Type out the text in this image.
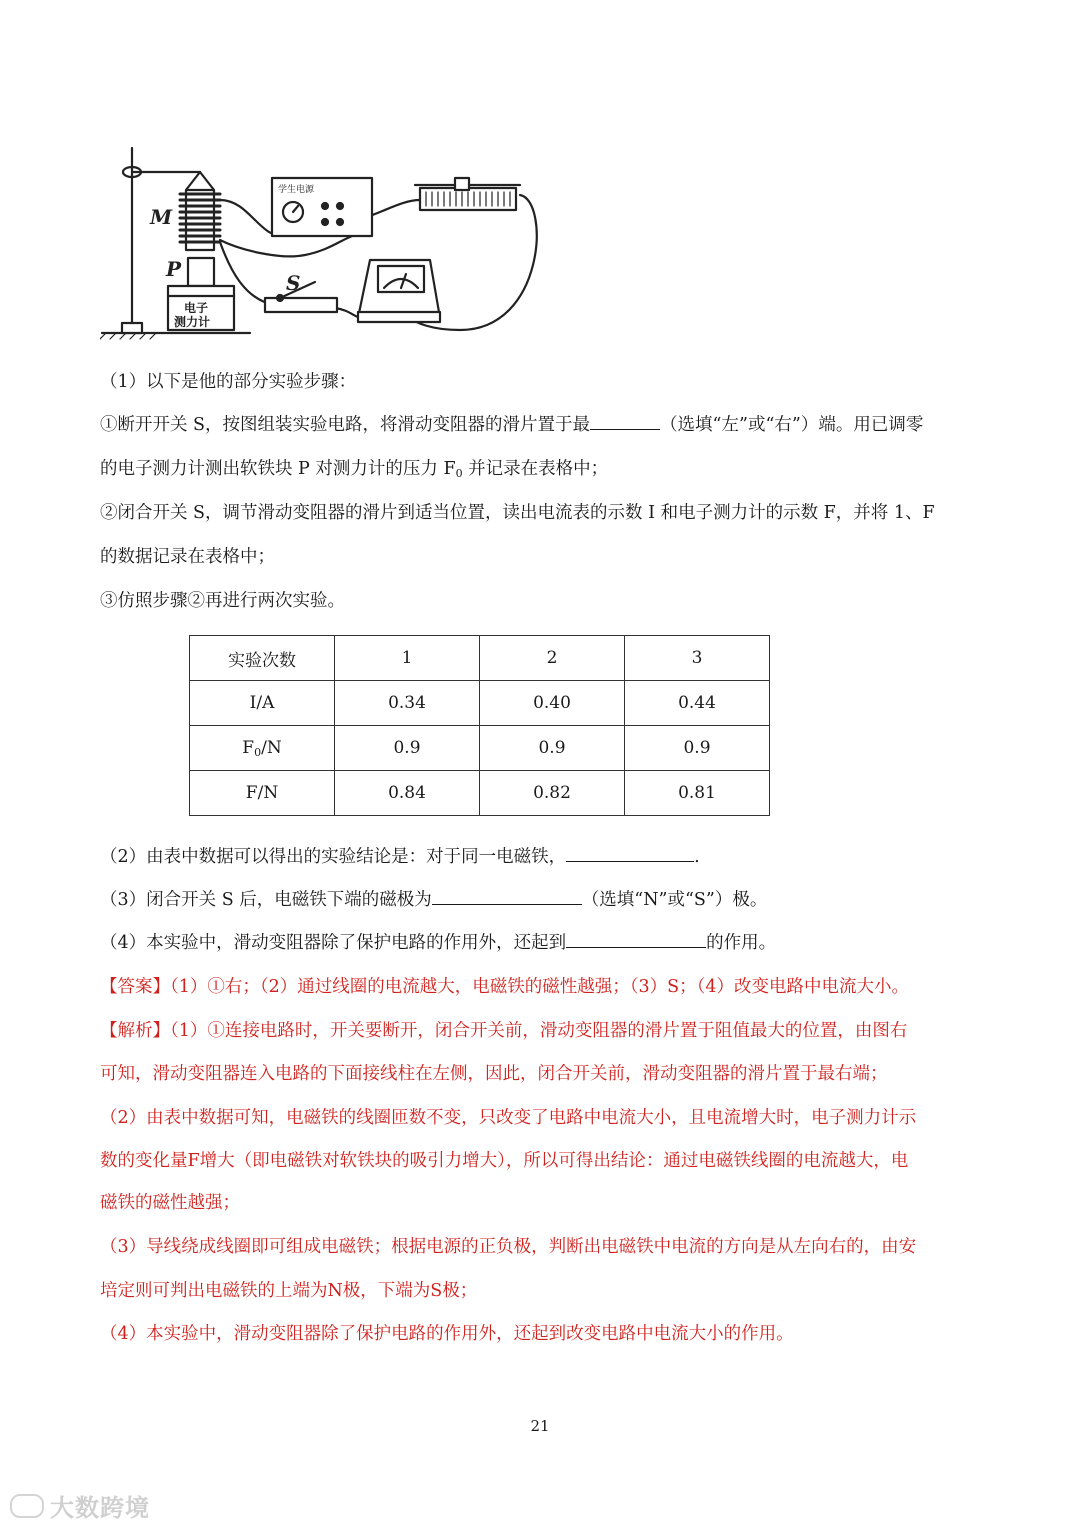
M
P
S
学生电源
电子
测力计
（1）以下是他的部分实验步骤：
①断开开关 S，按图组装实验电路，将滑动变阻器的滑片置于最	（选填“左”或“右”）端。用已调零
的电子测力计测出软铁块 P 对测力计的压力 $F_0$ 并记录在表格中；
②闭合开关 S，调节滑动变阻器的滑片到适当位置，读出电流表的示数 I 和电子测力计的示数 F，并将 1、F
的数据记录在表格中；
③仿照步骤②再进行两次实验。
实验次数	1	2	3
I/A	0.34	0.40	0.44
$F_0/N$	0.9	0.9	0.9
F/N	0.84	0.82	0.81
（2）由表中数据可以得出的实验结论是：对于同一电磁铁，	.
（3）闭合开关 S 后，电磁铁下端的磁极为	（选填“N”或“S”）极。
（4）本实验中，滑动变阻器除了保护电路的作用外，还起到	的作用。
【答案】（1）①右；（2）通过线圈的电流越大，电磁铁的磁性越强；（3）S；（4）改变电路中电流大小。
【解析】（1）①连接电路时，开关要断开，闭合开关前，滑动变阻器的滑片置于阻值最大的位置，由图右
可知，滑动变阻器连入电路的下面接线柱在左侧，因此，闭合开关前，滑动变阻器的滑片置于最右端；
（2）由表中数据可知，电磁铁的线圈匝数不变，只改变了电路中电流大小，且电流增大时，电子测力计示
数的变化量F增大（即电磁铁对软铁块的吸引力增大），所以可得出结论：通过电磁铁线圈的电流越大，电
磁铁的磁性越强；
（3）导线绕成线圈即可组成电磁铁；根据电源的正负极，判断出电磁铁中电流的方向是从左向右的，由安
培定则可判出电磁铁的上端为N极，下端为S极；
（4）本实验中，滑动变阻器除了保护电路的作用外，还起到改变电路中电流大小的作用。
21
大数跨境
